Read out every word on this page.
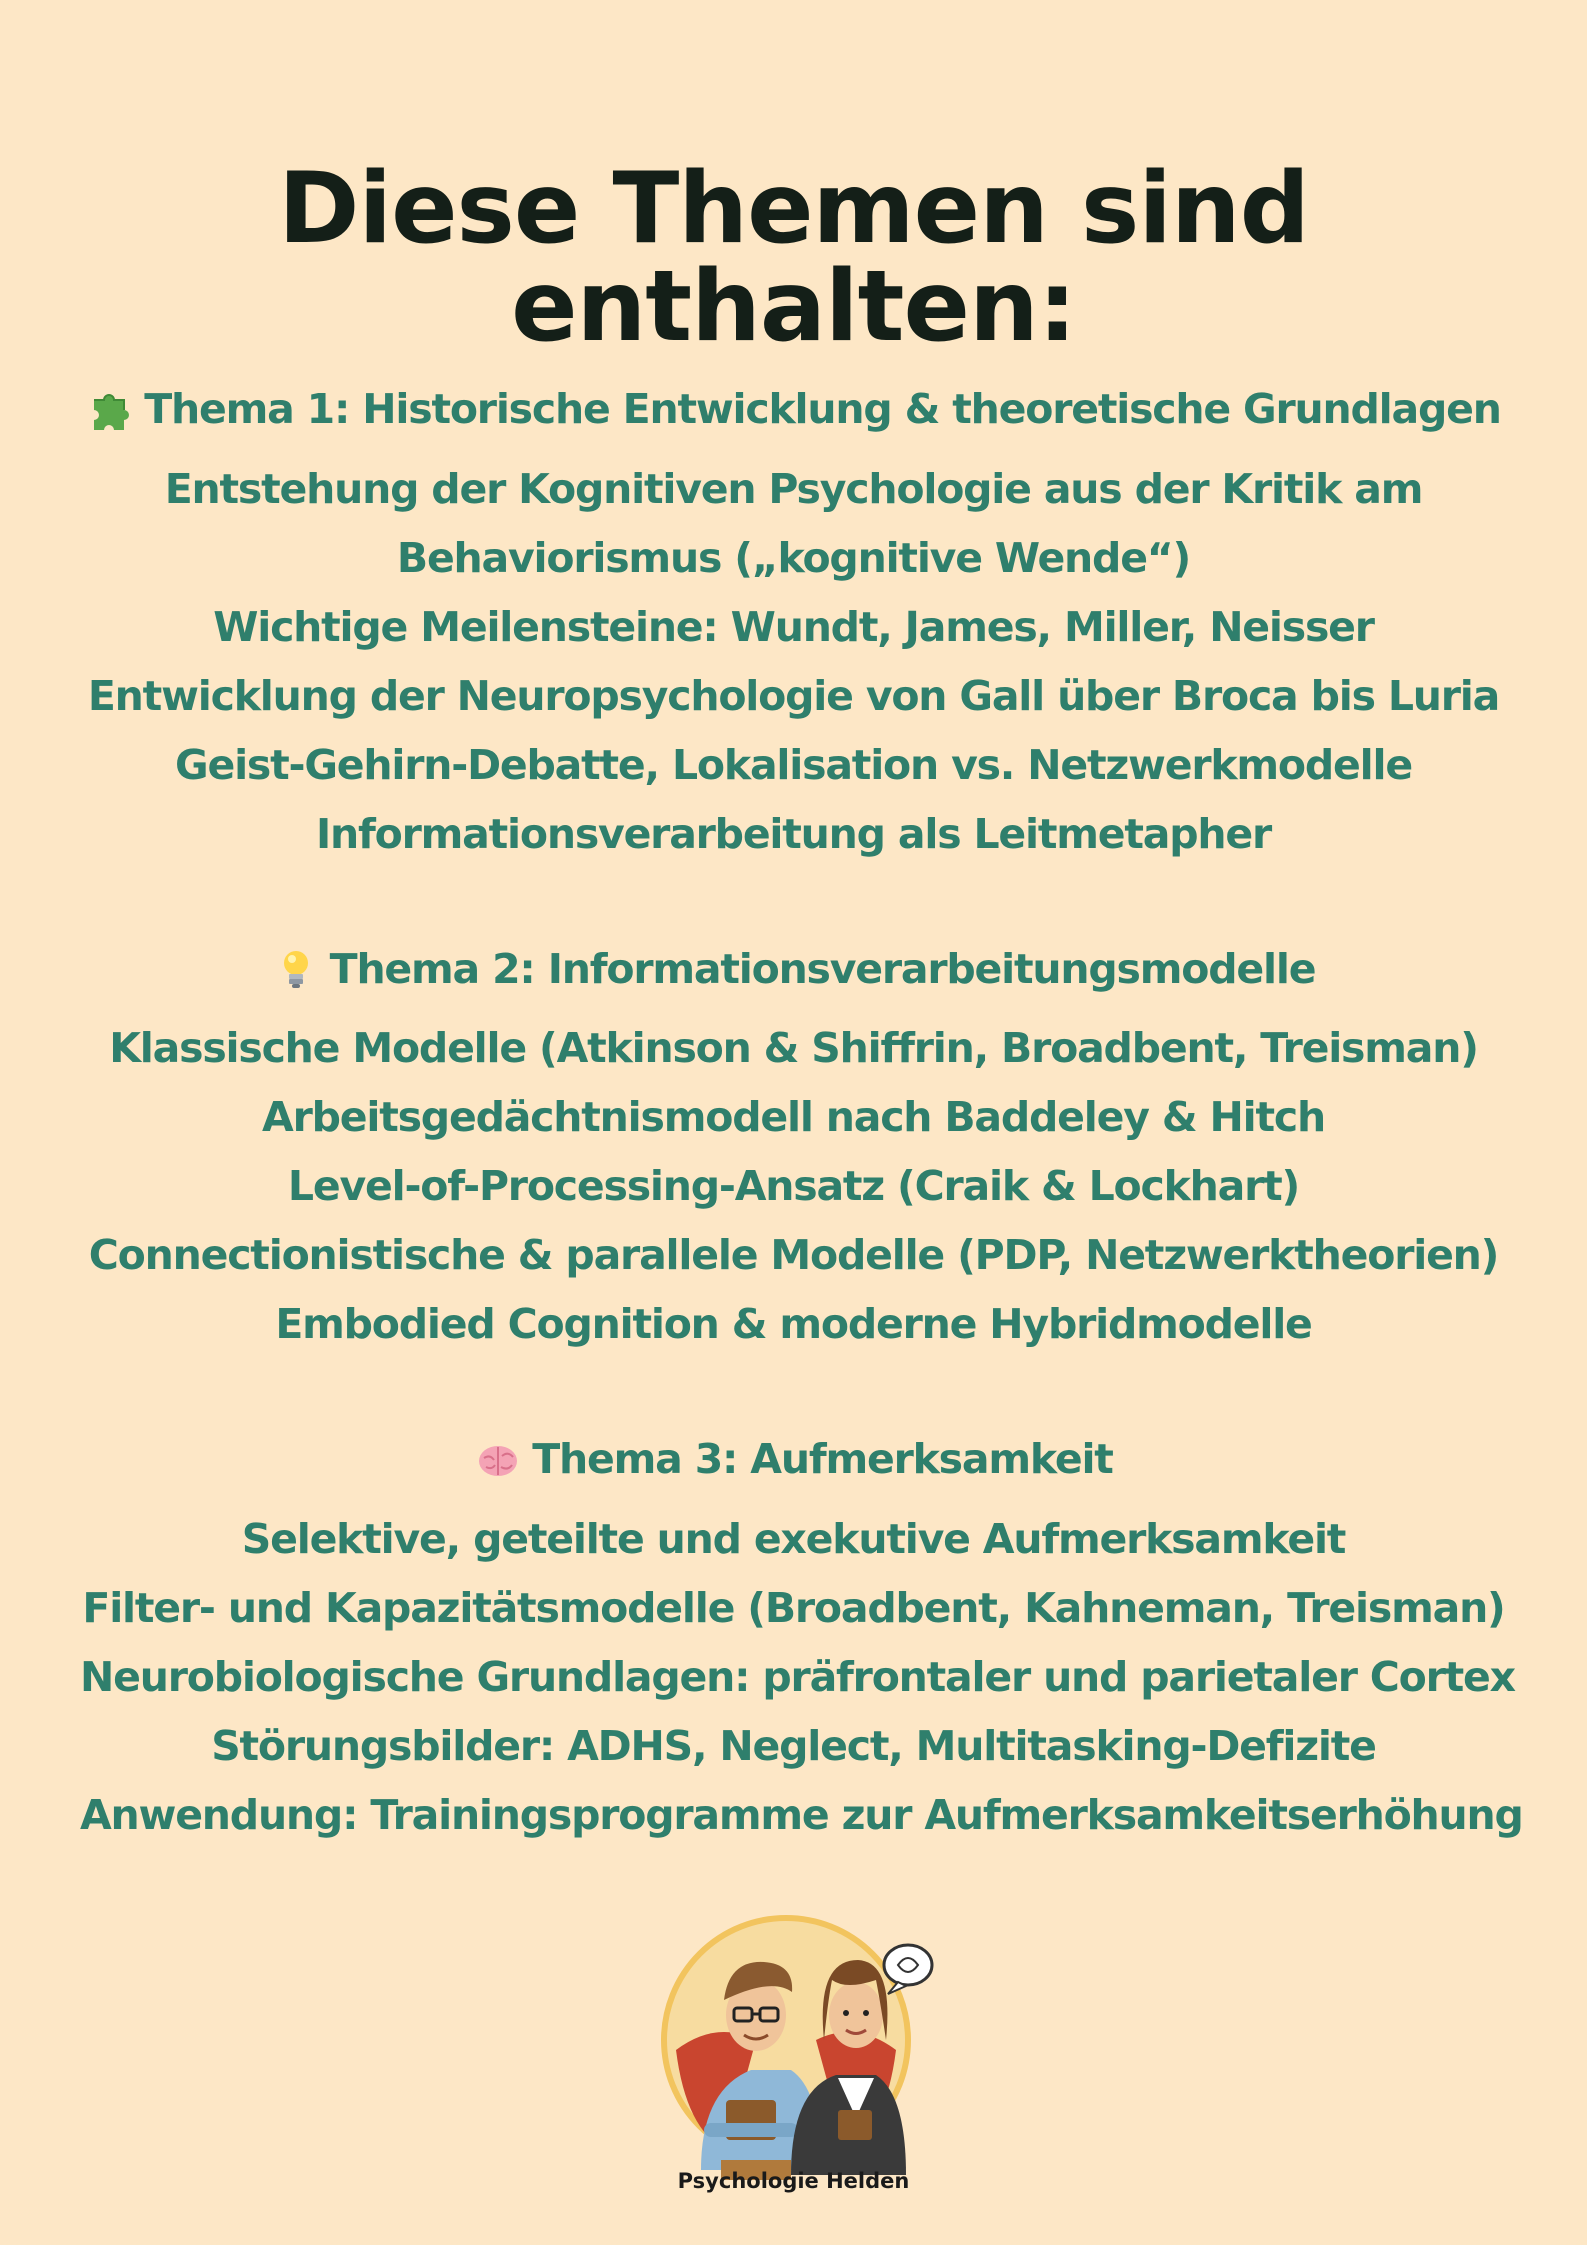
Diese Themen sind enthalten:
Thema 1: Historische Entwicklung & theoretische Grundlagen
Entstehung der Kognitiven Psychologie aus der Kritik am
Behaviorismus („kognitive Wende“)
Wichtige Meilensteine: Wundt, James, Miller, Neisser
Entwicklung der Neuropsychologie von Gall über Broca bis Luria
Geist-Gehirn-Debatte, Lokalisation vs. Netzwerkmodelle
Informationsverarbeitung als Leitmetapher
Thema 2: Informationsverarbeitungsmodelle
Klassische Modelle (Atkinson & Shiffrin, Broadbent, Treisman)
Arbeitsgedächtnismodell nach Baddeley & Hitch
Level-of-Processing-Ansatz (Craik & Lockhart)
Connectionistische & parallele Modelle (PDP, Netzwerktheorien)
Embodied Cognition & moderne Hybridmodelle
Thema 3: Aufmerksamkeit
Selektive, geteilte und exekutive Aufmerksamkeit
Filter- und Kapazitätsmodelle (Broadbent, Kahneman, Treisman)
Neurobiologische Grundlagen: präfrontaler und parietaler Cortex
Störungsbilder: ADHS, Neglect, Multitasking-Defizite
Anwendung: Trainingsprogramme zur Aufmerksamkeitserhöhung
Psychologie Helden
